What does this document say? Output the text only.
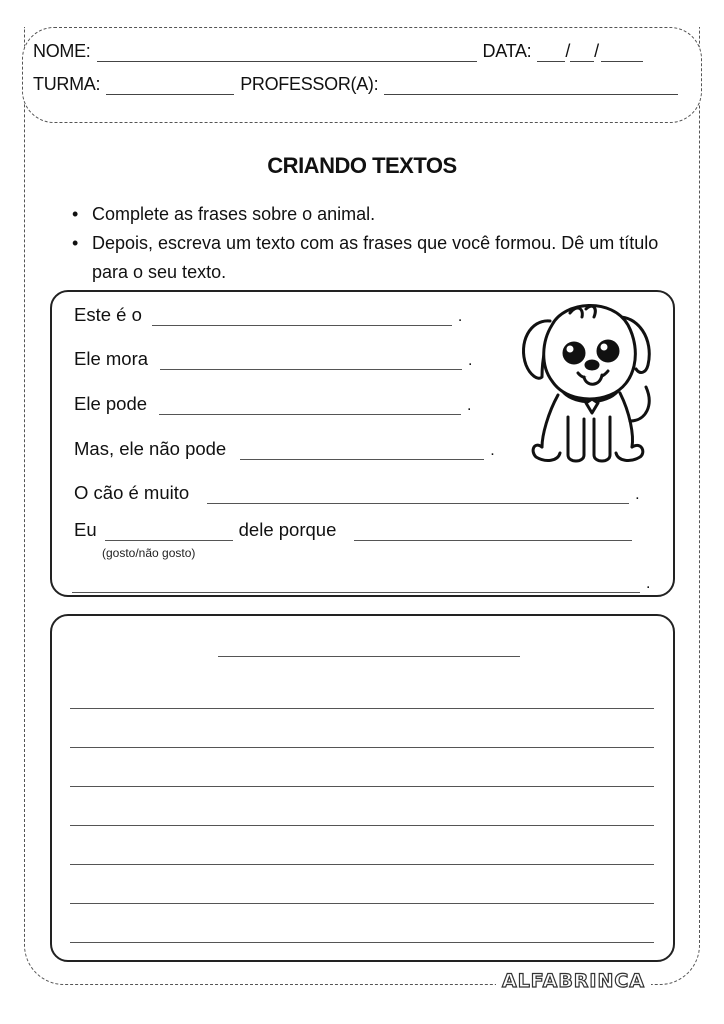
NOME:	DATA: / /
TURMA:	PROFESSOR(A):
CRIANDO TEXTOS
• Complete as frases sobre o animal.
• Depois, escreva um texto com as frases que você formou. Dê um título para o seu texto.
Este é o	.
Ele mora	.
Ele pode	.
Mas, ele não pode	.
O cão é muito	.
Eu	dele porque
(gosto/não gosto)
.
ALFABRINCA
